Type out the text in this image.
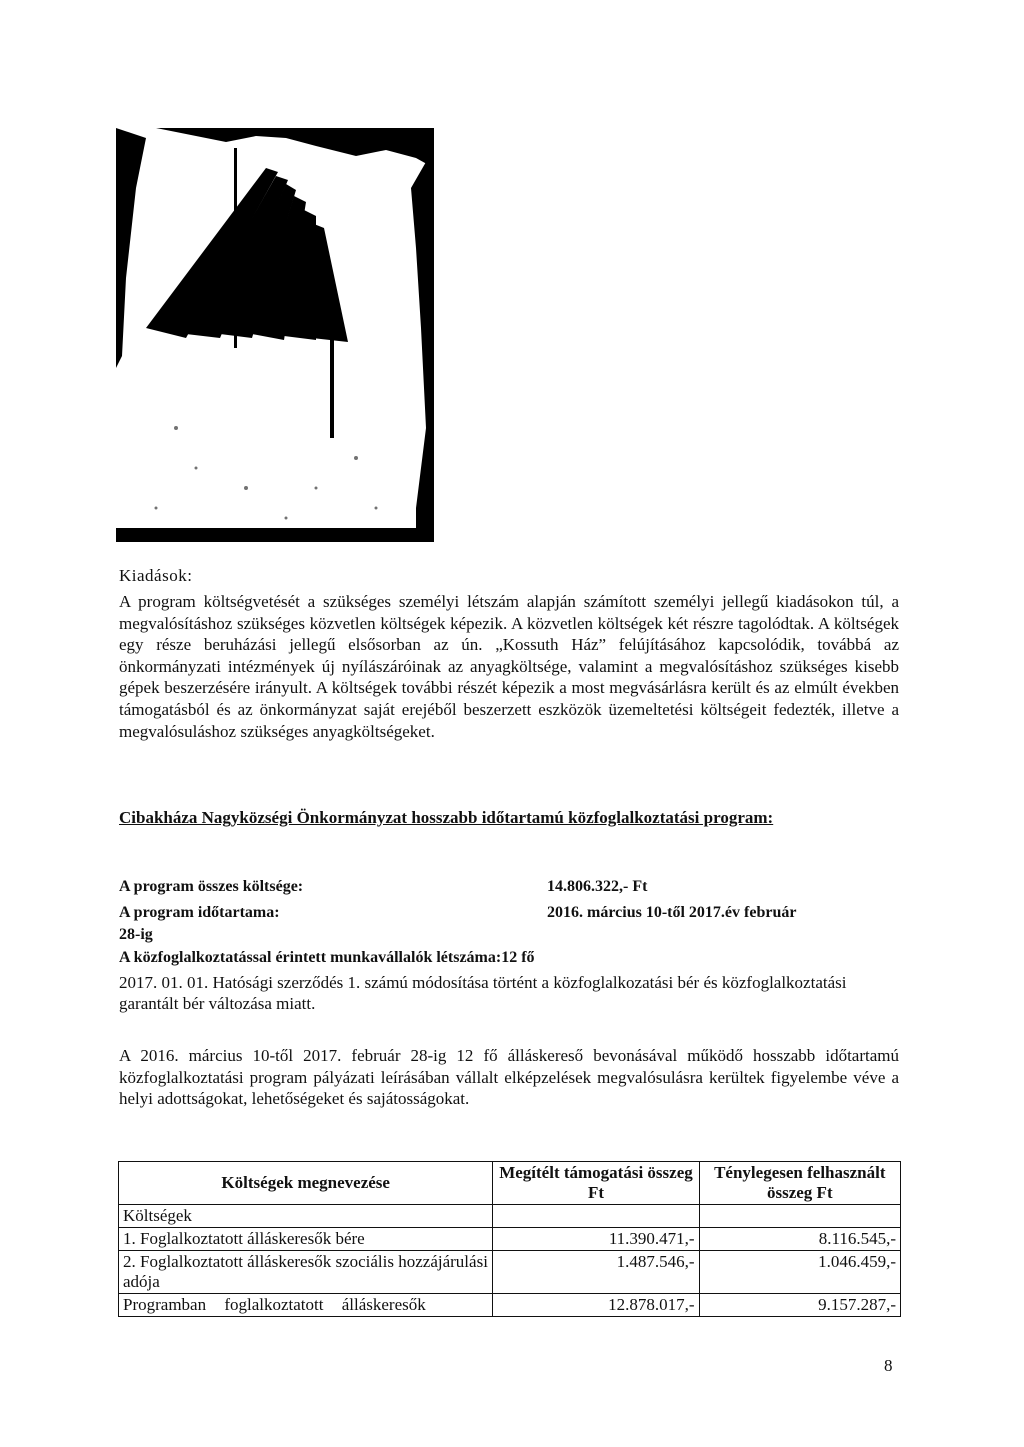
Kiadások:
A program költségvetését a szükséges személyi létszám alapján számított személyi jellegű kiadásokon túl, a megvalósításhoz szükséges közvetlen költségek képezik. A közvetlen költségek két részre tagolódtak. A költségek egy része beruházási jellegű elsősorban az ún. „Kossuth Ház” felújításához kapcsolódik, továbbá az önkormányzati intézmények új nyílászáróinak az anyagköltsége, valamint a megvalósításhoz szükséges kisebb gépek beszerzésére irányult. A költségek további részét képezik a most megvásárlásra került és az elmúlt években támogatásból és az önkormányzat saját erejéből beszerzett eszközök üzemeltetési költségeit fedezték, illetve a megvalósuláshoz szükséges anyagköltségeket.
Cibakháza Nagyközségi Önkormányzat hosszabb időtartamú közfoglalkoztatási program:
A program összes költsége:	14.806.322,- Ft
A program időtartama:	2016. március 10-től 2017.év február
28-ig
A közfoglalkoztatással érintett munkavállalók létszáma:12 fő
2017. 01. 01. Hatósági szerződés 1. számú módosítása történt a közfoglalkozatási bér és közfoglalkoztatási garantált bér változása miatt.
A 2016. március 10-től 2017. február 28-ig 12 fő álláskereső bevonásával működő hosszabb időtartamú közfoglalkoztatási program pályázati leírásában vállalt elképzelések megvalósulásra kerültek figyelembe véve a helyi adottságokat, lehetőségeket és sajátosságokat.
Költségek megnevezése	Megítélt támogatási összeg Ft	Ténylegesen felhasznált összeg Ft
Költségek		
1. Foglalkoztatott álláskeresők bére	11.390.471,-	8.116.545,-
2. Foglalkoztatott álláskeresők szociális hozzájárulási adója	1.487.546,-	1.046.459,-
Programban foglalkoztatott álláskeresők	12.878.017,-	9.157.287,-
8
